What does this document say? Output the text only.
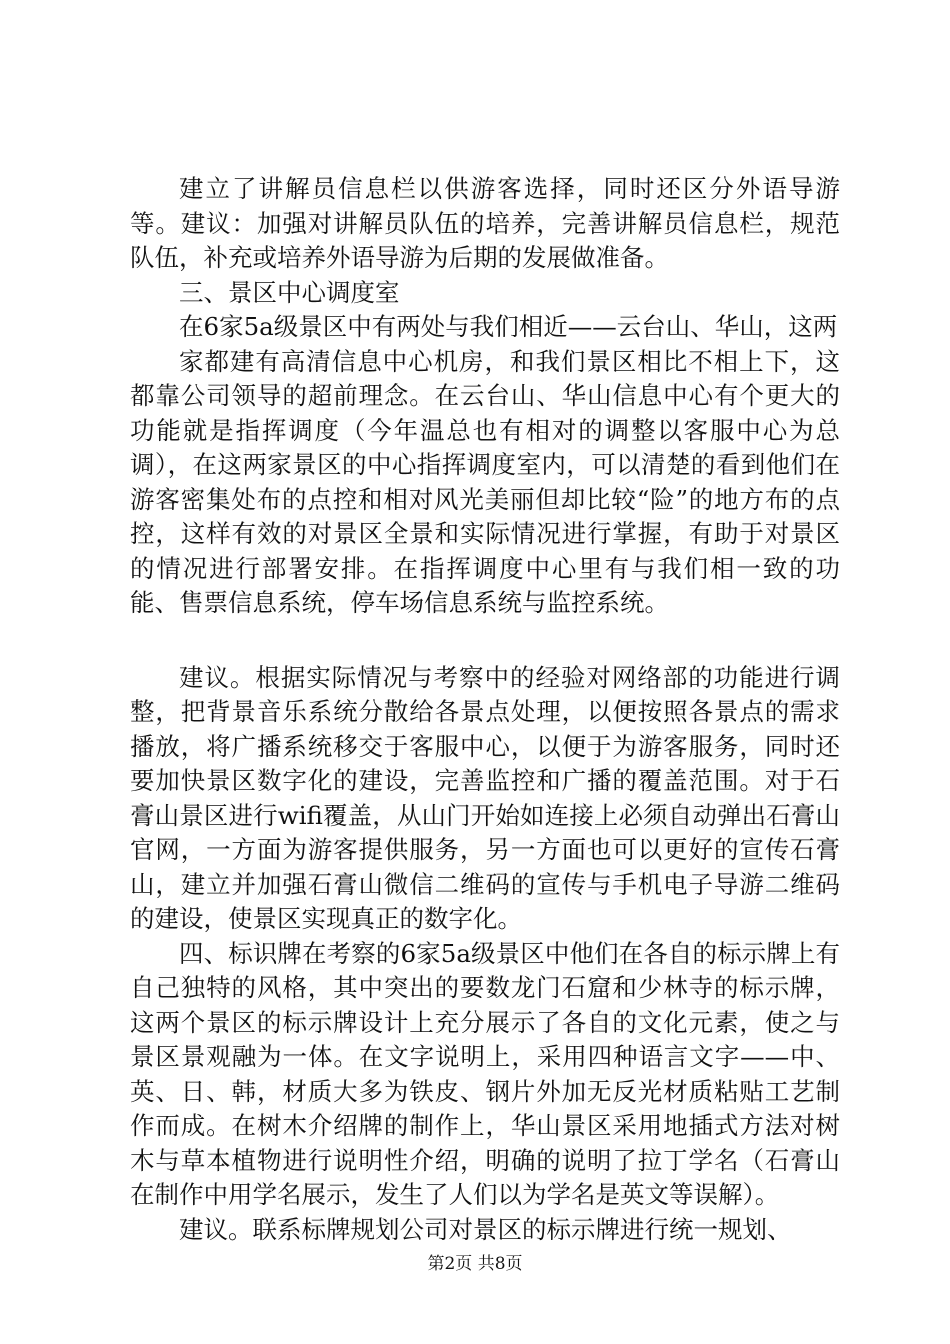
建立了讲解员信息栏以供游客选择，同时还区分外语导游等。建议：加强对讲解员队伍的培养，完善讲解员信息栏，规范队伍，补充或培养外语导游为后期的发展做准备。

三、景区中心调度室

在6家5a级景区中有两处与我们相近——云台山、华山，这两

家都建有高清信息中心机房，和我们景区相比不相上下，这都靠公司领导的超前理念。在云台山、华山信息中心有个更大的功能就是指挥调度（今年温总也有相对的调整以客服中心为总调），在这两家景区的中心指挥调度室内，可以清楚的看到他们在游客密集处布的点控和相对风光美丽但却比较“险”的地方布的点控，这样有效的对景区全景和实际情况进行掌握，有助于对景区的情况进行部署安排。在指挥调度中心里有与我们相一致的功能、售票信息系统，停车场信息系统与监控系统。

建议。根据实际情况与考察中的经验对网络部的功能进行调整，把背景音乐系统分散给各景点处理，以便按照各景点的需求播放，将广播系统移交于客服中心，以便于为游客服务，同时还要加快景区数字化的建设，完善监控和广播的覆盖范围。对于石膏山景区进行wifi覆盖，从山门开始如连接上必须自动弹出石膏山官网，一方面为游客提供服务，另一方面也可以更好的宣传石膏山，建立并加强石膏山微信二维码的宣传与手机电子导游二维码的建设，使景区实现真正的数字化。

四、标识牌在考察的6家5a级景区中他们在各自的标示牌上有自己独特的风格，其中突出的要数龙门石窟和少林寺的标示牌，这两个景区的标示牌设计上充分展示了各自的文化元素，使之与景区景观融为一体。在文字说明上，采用四种语言文字——中、英、日、韩，材质大多为铁皮、钢片外加无反光材质粘贴工艺制作而成。在树木介绍牌的制作上，华山景区采用地插式方法对树木与草本植物进行说明性介绍，明确的说明了拉丁学名（石膏山在制作中用学名展示，发生了人们以为学名是英文等误解）。

建议。联系标牌规划公司对景区的标示牌进行统一规划、

第2页 共8页
